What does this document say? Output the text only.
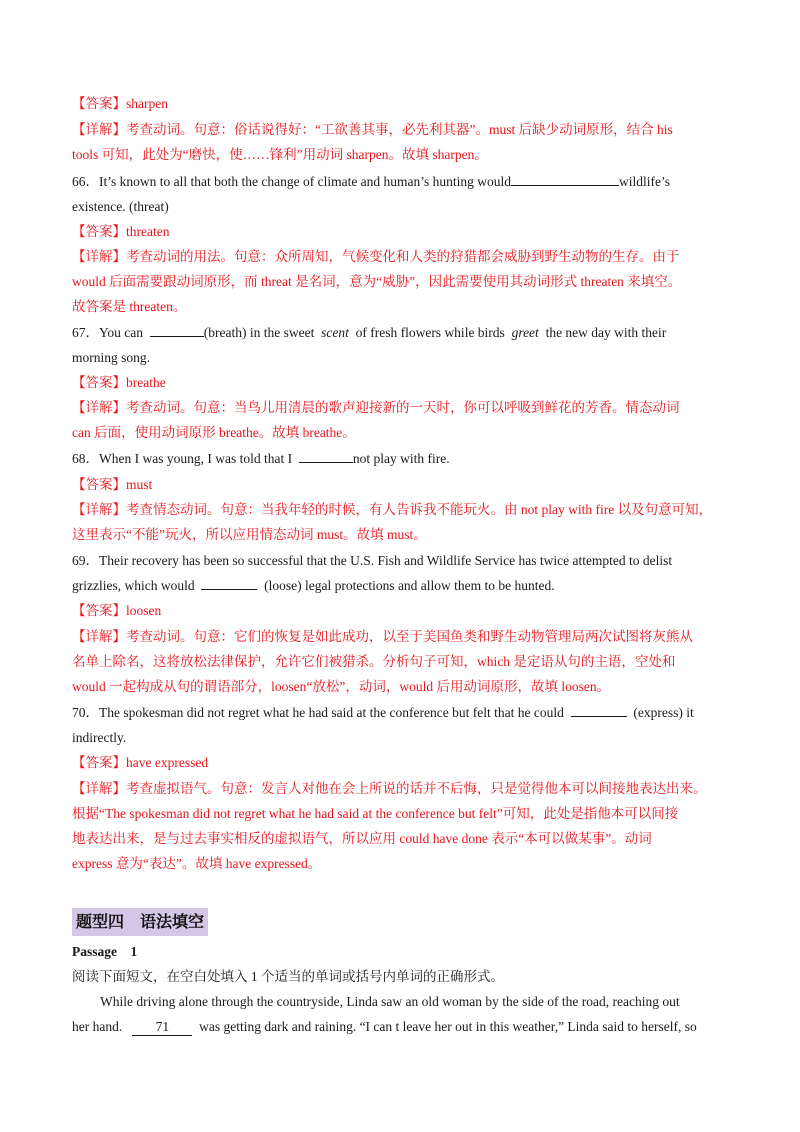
【答案】sharpen
【详解】考查动词。句意：俗话说得好：“工欲善其事，必先利其器”。must 后缺少动词原形，结合 his
tools 可知，此处为“磨快，使……锋利”用动词 sharpen。故填 sharpen。
66．It’s known to all that both the change of climate and human’s hunting would	wildlife’s
existence. (threat)
【答案】threaten
【详解】考查动词的用法。句意：众所周知，气候变化和人类的狩猎都会威胁到野生动物的生存。由于
would 后面需要跟动词原形，而 threat 是名词，意为“威胁”，因此需要使用其动词形式 threaten 来填空。
故答案是 threaten。
67．You can	(breath) in the sweet scent of fresh flowers while birds greet the new day with their
morning song.
【答案】breathe
【详解】考查动词。句意：当鸟儿用清晨的歌声迎接新的一天时，你可以呼吸到鲜花的芳香。情态动词
can 后面，使用动词原形 breathe。故填 breathe。
68．When I was young, I was told that I	not play with fire.
【答案】must
【详解】考查情态动词。句意：当我年轻的时候，有人告诉我不能玩火。由 not play with fire 以及句意可知，
这里表示“不能”玩火，所以应用情态动词 must。故填 must。
69．Their recovery has been so successful that the U.S. Fish and Wildlife Service has twice attempted to delist
grizzlies, which would	(loose) legal protections and allow them to be hunted.
【答案】loosen
【详解】考查动词。句意：它们的恢复是如此成功，以至于美国鱼类和野生动物管理局两次试图将灰熊从
名单上除名，这将放松法律保护，允许它们被猎杀。分析句子可知，which 是定语从句的主语，空处和
would 一起构成从句的谓语部分，loosen“放松”，动词，would 后用动词原形，故填 loosen。
70．The spokesman did not regret what he had said at the conference but felt that he could	(express) it
indirectly.
【答案】have expressed
【详解】考查虚拟语气。句意：发言人对他在会上所说的话并不后悔，只是觉得他本可以间接地表达出来。
根据“The spokesman did not regret what he had said at the conference but felt”可知，此处是指他本可以间接
地表达出来，是与过去事实相反的虚拟语气，所以应用 could have done 表示“本可以做某事”。动词
express 意为“表达”。故填 have expressed。
题型四　语法填空
Passage　1
阅读下面短文，在空白处填入 1 个适当的单词或括号内单词的正确形式。
While driving alone through the countryside, Linda saw an old woman by the side of the road, reaching out
her hand. 71 was getting dark and raining. “I can t leave her out in this weather,” Linda said to herself, so
